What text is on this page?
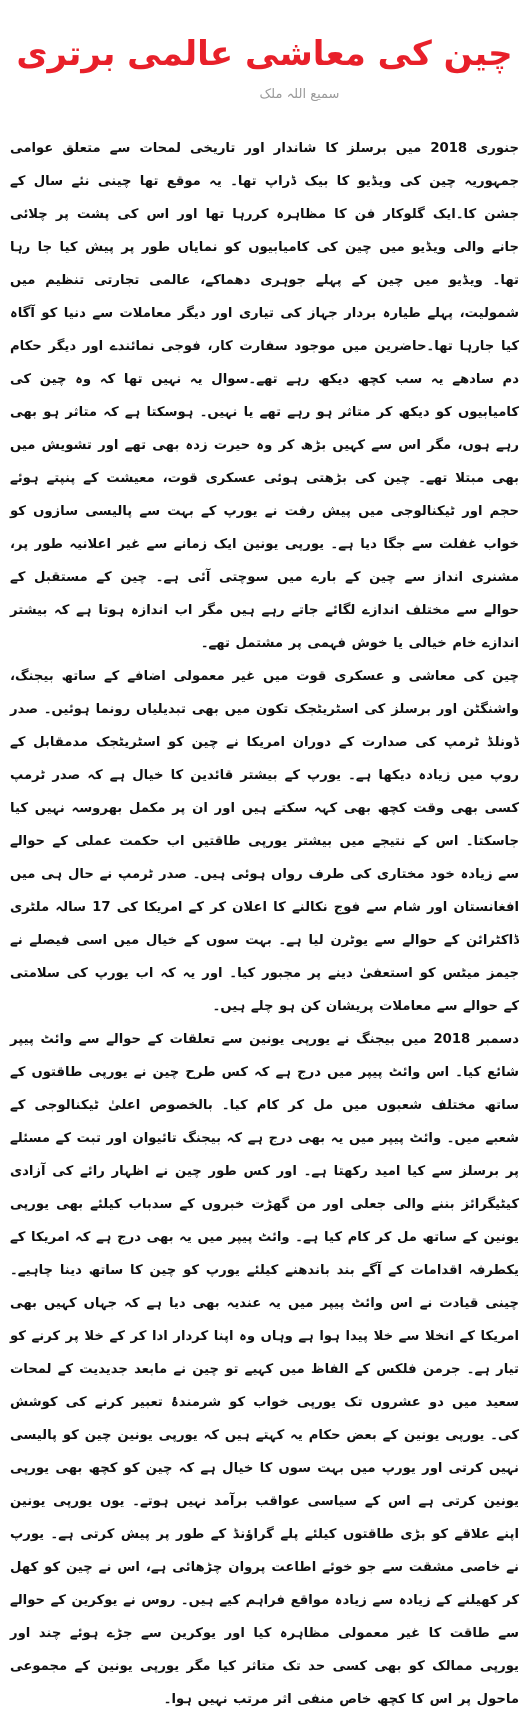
چین کی معاشی عالمی برتری
سمیع اللہ ملک

جنوری 2018 میں برسلز کا شاندار اور تاریخی لمحات سے متعلق عوامی جمہوریہ چین کی ویڈیو کا بیک ڈراپ تھا۔ یہ موقع تھا چینی نئے سال کے جشن کا۔ایک گلوکار فن کا مظاہرہ کررہا تھا اور اس کی پشت پر چلائی جانے والی ویڈیو میں چین کی کامیابیوں کو نمایاں طور پر پیش کیا جا رہا تھا۔ ویڈیو میں چین کے پہلے جوہری دھماکے، عالمی تجارتی تنظیم میں شمولیت، پہلے طیارہ بردار جہاز کی تیاری اور دیگر معاملات سے دنیا کو آگاہ کیا جارہا تھا۔حاضرین میں موجود سفارت کار، فوجی نمائندے اور دیگر حکام دم سادھے یہ سب کچھ دیکھ رہے تھے۔سوال یہ نہیں تھا کہ وہ چین کی کامیابیوں کو دیکھ کر متاثر ہو رہے تھے یا نہیں۔ ہوسکتا ہے کہ متاثر ہو بھی رہے ہوں، مگر اس سے کہیں بڑھ کر وہ حیرت زدہ بھی تھے اور تشویش میں بھی مبتلا تھے۔ چین کی بڑھتی ہوئی عسکری قوت، معیشت کے پنپتے ہوئے حجم اور ٹیکنالوجی میں پیش رفت نے یورپ کے بہت سے پالیسی سازوں کو خواب غفلت سے جگا دیا ہے۔ یورپی یونین ایک زمانے سے غیر اعلانیہ طور پر، مشنری انداز سے چین کے بارے میں سوچتی آئی ہے۔ چین کے مستقبل کے حوالے سے مختلف اندازے لگائے جاتے رہے ہیں مگر اب اندازہ ہوتا ہے کہ بیشتر اندازے خام خیالی یا خوش فہمی پر مشتمل تھے۔

چین کی معاشی و عسکری قوت میں غیر معمولی اضافے کے ساتھ بیجنگ، واشنگٹن اور برسلز کی اسٹریٹجک تکون میں بھی تبدیلیاں رونما ہوئیں۔ صدر ڈونلڈ ٹرمپ کی صدارت کے دوران امریکا نے چین کو اسٹریٹجک مدمقابل کے روپ میں زیادہ دیکھا ہے۔ یورپ کے بیشتر قائدین کا خیال ہے کہ صدر ٹرمپ کسی بھی وقت کچھ بھی کہہ سکتے ہیں اور ان پر مکمل بھروسہ نہیں کیا جاسکتا۔ اس کے نتیجے میں بیشتر یورپی طاقتیں اب حکمت عملی کے حوالے سے زیادہ خود مختاری کی طرف رواں ہوئی ہیں۔ صدر ٹرمپ نے حال ہی میں افغانستان اور شام سے فوج نکالنے کا اعلان کر کے امریکا کی 17 سالہ ملٹری ڈاکٹرائن کے حوالے سے یوٹرن لیا ہے۔ بہت سوں کے خیال میں اسی فیصلے نے جیمز میٹس کو استعفیٰ دینے پر مجبور کیا۔ اور یہ کہ اب یورپ کی سلامتی کے حوالے سے معاملات پریشان کن ہو چلے ہیں۔

دسمبر 2018 میں بیجنگ نے یورپی یونین سے تعلقات کے حوالے سے وائٹ پیپر شائع کیا۔ اس وائٹ پیپر میں درج ہے کہ کس طرح چین نے یورپی طاقتوں کے ساتھ مختلف شعبوں میں مل کر کام کیا۔ بالخصوص اعلیٰ ٹیکنالوجی کے شعبے میں۔ وائٹ پیپر میں یہ بھی درج ہے کہ بیجنگ تائیوان اور تبت کے مسئلے پر برسلز سے کیا امید رکھتا ہے۔ اور کس طور چین نے اظہار رائے کی آزادی کیٹیگرائز بننے والی جعلی اور من گھڑت خبروں کے سدباب کیلئے بھی یورپی یونین کے ساتھ مل کر کام کیا ہے۔ وائٹ پیپر میں یہ بھی درج ہے کہ امریکا کے یکطرفہ اقدامات کے آگے بند باندھنے کیلئے یورپ کو چین کا ساتھ دینا چاہیے۔ چینی قیادت نے اس وائٹ پیپر میں یہ عندیہ بھی دیا ہے کہ جہاں کہیں بھی امریکا کے انخلا سے خلا پیدا ہوا ہے وہاں وہ اپنا کردار ادا کر کے خلا پر کرنے کو تیار ہے۔ جرمن فلکس کے الفاظ میں کہیے تو چین نے مابعد جدیدیت کے لمحات سعید میں دو عشروں تک یورپی خواب کو شرمندۂ تعبیر کرنے کی کوشش کی۔ یورپی یونین کے بعض حکام یہ کہتے ہیں کہ یورپی یونین چین کو پالیسی نہیں کرتی اور یورپ میں بہت سوں کا خیال ہے کہ چین کو کچھ بھی یورپی یونین کرتی ہے اس کے سیاسی عواقب برآمد نہیں ہوتے۔ یوں یورپی یونین اپنے علاقے کو بڑی طاقتوں کیلئے پلے گراؤنڈ کے طور پر پیش کرتی ہے۔ یورپ نے خاصی مشقت سے جو خوئے اطاعت پروان چڑھائی ہے، اس نے چین کو کھل کر کھیلنے کے زیادہ سے زیادہ مواقع فراہم کیے ہیں۔ روس نے یوکرین کے حوالے سے طاقت کا غیر معمولی مظاہرہ کیا اور یوکرین سے جڑے ہوئے چند اور یورپی ممالک کو بھی کسی حد تک متاثر کیا مگر یورپی یونین کے مجموعی ماحول پر اس کا کچھ خاص منفی اثر مرتب نہیں ہوا۔
